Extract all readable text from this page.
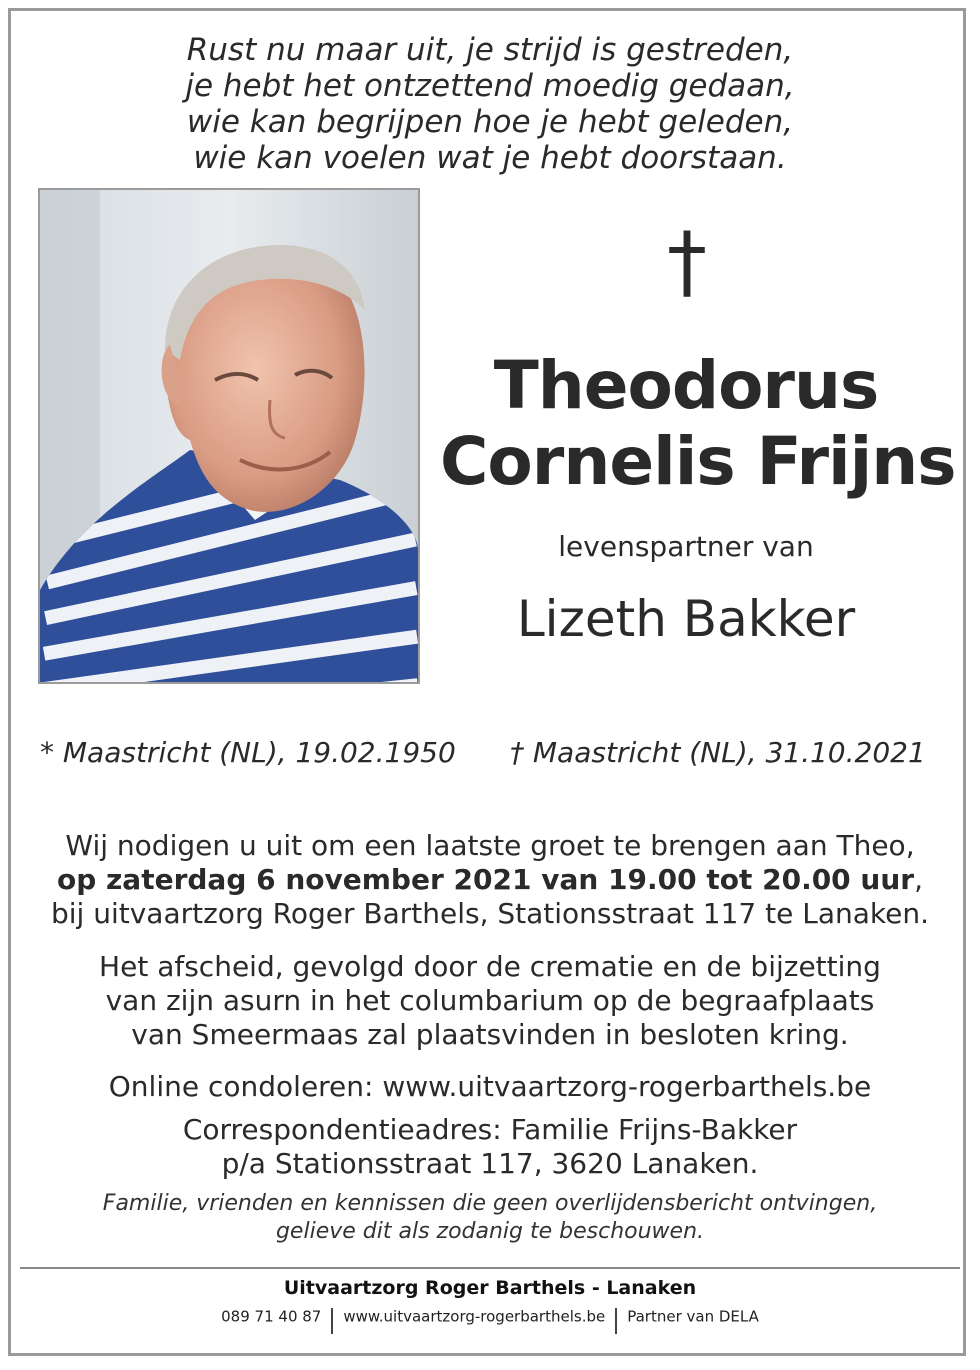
Rust nu maar uit, je strijd is gestreden,
je hebt het ontzettend moedig gedaan,
wie kan begrijpen hoe je hebt geleden,
wie kan voelen wat je hebt doorstaan.
†
Theodorus
Cornelis Frijns
levenspartner van
Lizeth Bakker
* Maastricht (NL), 19.02.1950 † Maastricht (NL), 31.10.2021
Wij nodigen u uit om een laatste groet te brengen aan Theo,
op zaterdag 6 november 2021 van 19.00 tot 20.00 uur,
bij uitvaartzorg Roger Barthels, Stationsstraat 117 te Lanaken.
Het afscheid, gevolgd door de crematie en de bijzetting
van zijn asurn in het columbarium op de begraafplaats
van Smeermaas zal plaatsvinden in besloten kring.
Online condoleren: www.uitvaartzorg-rogerbarthels.be
Correspondentieadres: Familie Frijns-Bakker
p/a Stationsstraat 117, 3620 Lanaken.
Familie, vrienden en kennissen die geen overlijdensbericht ontvingen,
gelieve dit als zodanig te beschouwen.
Uitvaartzorg Roger Barthels - Lanaken
089 71 40 87 www.uitvaartzorg-rogerbarthels.be Partner van DELA
